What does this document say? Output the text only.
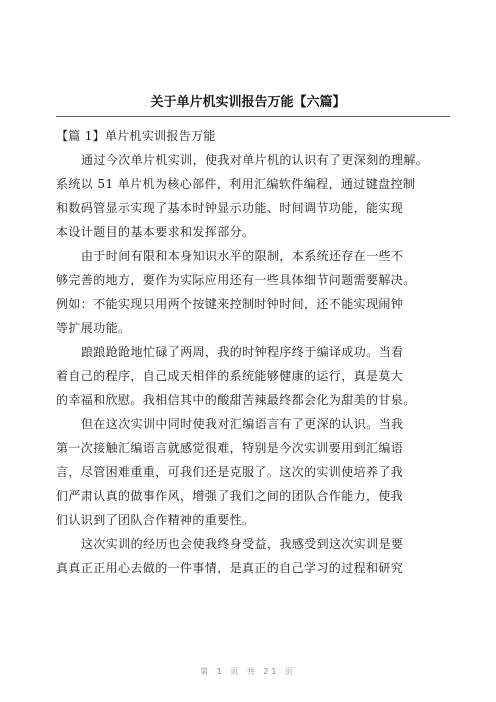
关于单片机实训报告万能【六篇】
【篇 1】单片机实训报告万能

通过今次单片机实训，使我对单片机的认识有了更深刻的理解。
系统以 51 单片机为核心部件，利用汇编软件编程，通过键盘控制
和数码管显示实现了基本时钟显示功能、时间调节功能，能实现
本设计题目的基本要求和发挥部分。

由于时间有限和本身知识水平的限制，本系统还存在一些不
够完善的地方，要作为实际应用还有一些具体细节问题需要解决。
例如：不能实现只用两个按键来控制时钟时间，还不能实现闹钟
等扩展功能。

踉踉跄跄地忙碌了两周，我的时钟程序终于编译成功。当看
着自己的程序，自己成天相伴的系统能够健康的运行，真是莫大
的幸福和欣慰。我相信其中的酸甜苦辣最终都会化为甜美的甘泉。

但在这次实训中同时使我对汇编语言有了更深的认识。当我
第一次接触汇编语言就感觉很难，特别是今次实训要用到汇编语
言，尽管困难重重，可我们还是克服了。这次的实训使培养了我
们严肃认真的做事作风，增强了我们之间的团队合作能力，使我
们认识到了团队合作精神的重要性。

这次实训的经历也会使我终身受益，我感受到这次实训是要
真真正正用心去做的一件事情，是真正的自己学习的过程和研究

第 1 页 共 21 页
